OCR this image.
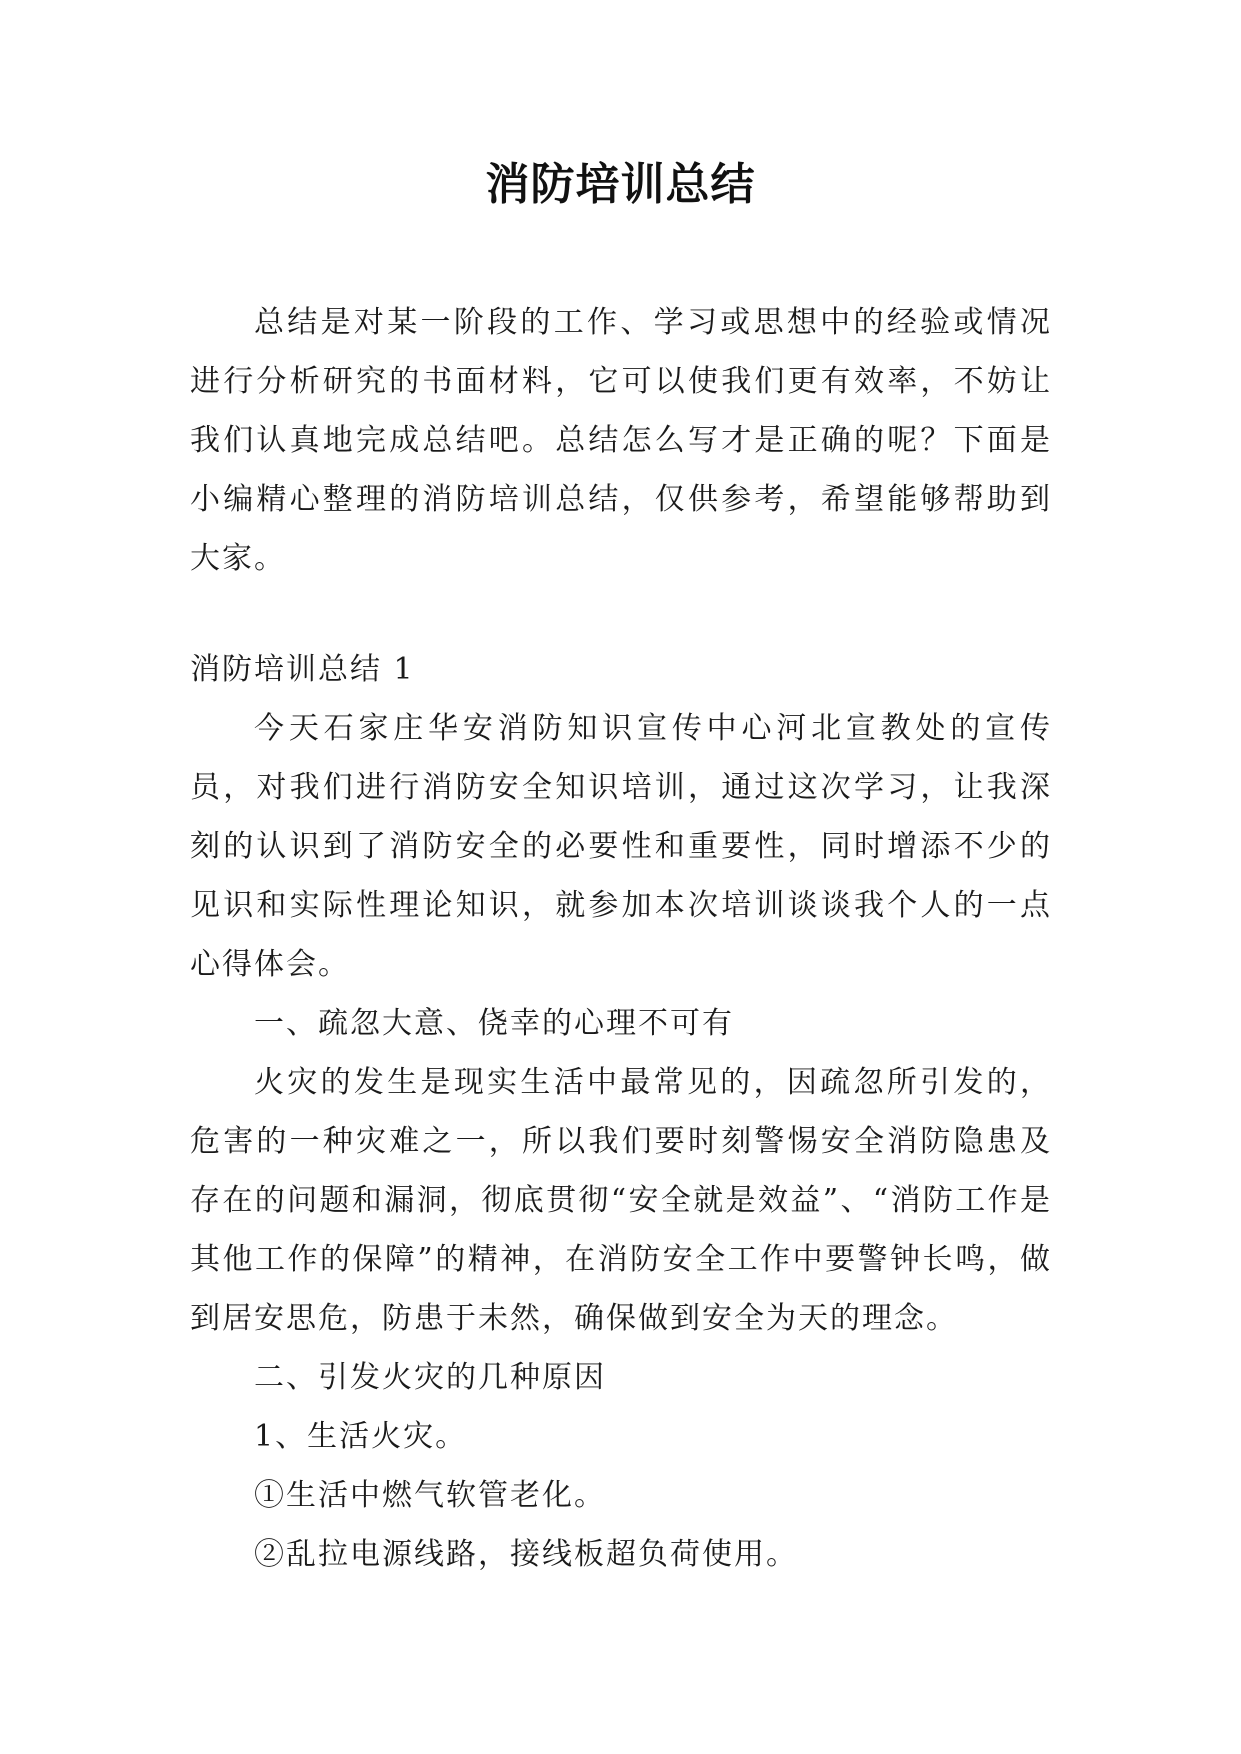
消防培训总结

总结是对某一阶段的工作、学习或思想中的经验或情况进行分析研究的书面材料，它可以使我们更有效率，不妨让我们认真地完成总结吧。总结怎么写才是正确的呢？下面是小编精心整理的消防培训总结，仅供参考，希望能够帮助到大家。

消防培训总结 1

今天石家庄华安消防知识宣传中心河北宣教处的宣传员，对我们进行消防安全知识培训，通过这次学习，让我深刻的认识到了消防安全的必要性和重要性，同时增添不少的见识和实际性理论知识，就参加本次培训谈谈我个人的一点心得体会。

一、疏忽大意、侥幸的心理不可有

火灾的发生是现实生活中最常见的，因疏忽所引发的，危害的一种灾难之一，所以我们要时刻警惕安全消防隐患及存在的问题和漏洞，彻底贯彻“安全就是效益”、“消防工作是其他工作的保障”的精神，在消防安全工作中要警钟长鸣，做到居安思危，防患于未然，确保做到安全为天的理念。

二、引发火灾的几种原因

1、生活火灾。

①生活中燃气软管老化。

②乱拉电源线路，接线板超负荷使用。
